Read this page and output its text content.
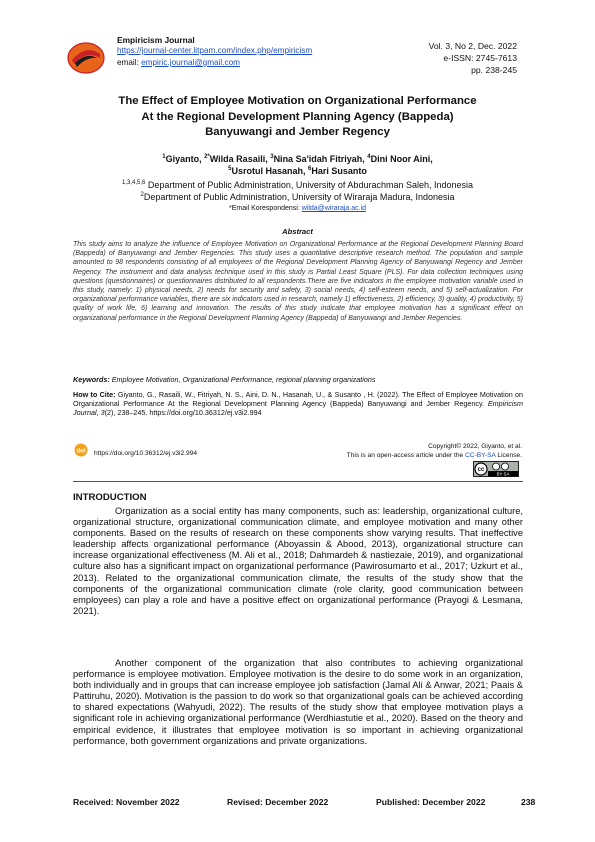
Empiricism Journal
https://journal-center.litpam.com/index.php/empiricism
email: empiric.journal@gmail.com
Vol. 3, No 2, Dec. 2022
e-ISSN: 2745-7613
pp. 238-245
The Effect of Employee Motivation on Organizational Performance
At the Regional Development Planning Agency (Bappeda)
Banyuwangi and Jember Regency
$^1$Giyanto, $^{2*}$Wilda Rasaili, $^3$Nina Sa'idah Fitriyah, $^4$Dini Noor Aini,
$^5$Usrotul Hasanah, $^6$Hari Susanto
$^{1,3,4,5,6}$ Department of Public Administration, University of Abdurachman Saleh, Indonesia
$^2$Department of Public Administration, University of Wiraraja Madura, Indonesia
*Email Korespondensi: wilda@wiraraja.ac.id
Abstract
This study aims to analyze the influence of Employee Motivation on Organizational Performance at the Regional Development Planning Board (Bappeda) of Banyuwangi and Jember Regencies. This study uses a quantitative descriptive research method. The population and sample amounted to 98 respondents consisting of all employees of the Regional Development Planning Agency of Banyuwangi Regency and Jember Regency. The instrument and data analysis technique used in this study is Partial Least Square (PLS). For data collection techniques using questions (questionnaires) or questionnaires distributed to all respondents.There are five indicators in the employee motivation variable used in this study, namely: 1) physical needs, 2) needs for security and safety, 3) social needs, 4) self-esteem needs, and 5) self-actualization. For organizational performance variables, there are six indicators used in research, namely 1) effectiveness, 2) efficiency, 3) quality, 4) productivity, 5) quality of work life, 6) learning and innovation. The results of this study indicate that employee motivation has a significant effect on organizational performance in the Regional Development Planning Agency (Bappeda) of Banyuwangi and Jember Regencies.
Keywords: Employee Motivation, Organizational Performance, regional planning organizations
How to Cite: Giyanto, G., Rasaili, W., Fitriyah, N. S., Aini, D. N., Hasanah, U., & Susanto , H. (2022). The Effect of Employee Motivation on Organizational Performance At the Regional Development Planning Agency (Bappeda) Banyuwangi and Jember Regency. Empiricism Journal, 3(2), 238–245. https://doi.org/10.36312/ej.v3i2.994
doi https://doi.org/10.36312/ej.v3i2.994
Copyright© 2022, Giyanto, et al.
This is an open-access article under the CC-BY-SA License.
cc
BY SA
INTRODUCTION
Organization as a social entity has many components, such as: leadership, organizational culture, organizational structure, organizational communication climate, and employee motivation and many other components. Based on the results of research on these components show varying results. That ineffective leadership affects organizational performance (Aboyassin & Abood, 2013), organizational structure can increase organizational effectiveness (M. Ali et al., 2018; Dahmardeh & nastiezaie, 2019), and organizational culture also has a significant impact on organizational performance (Pawirosumarto et al., 2017; Uzkurt et al., 2013). Related to the organizational communication climate, the results of the study show that the components of the organizational communication climate (role clarity, good communication between employees) can play a role and have a positive effect on organizational performance (Prayogi & Lesmana, 2021).
Another component of the organization that also contributes to achieving organizational performance is employee motivation. Employee motivation is the desire to do some work in an organization, both individually and in groups that can increase employee job satisfaction (Jamal Ali & Anwar, 2021; Paais & Pattiruhu, 2020). Motivation is the passion to do work so that organizational goals can be achieved according to shared expectations (Wahyudi, 2022). The results of the study show that employee motivation plays a significant role in achieving organizational performance (Werdhiastutie et al., 2020). Based on the theory and empirical evidence, it illustrates that employee motivation is so important in achieving organizational performance, both government organizations and private organizations.
Received: November 2022	Revised: December 2022	Published: December 2022	238
